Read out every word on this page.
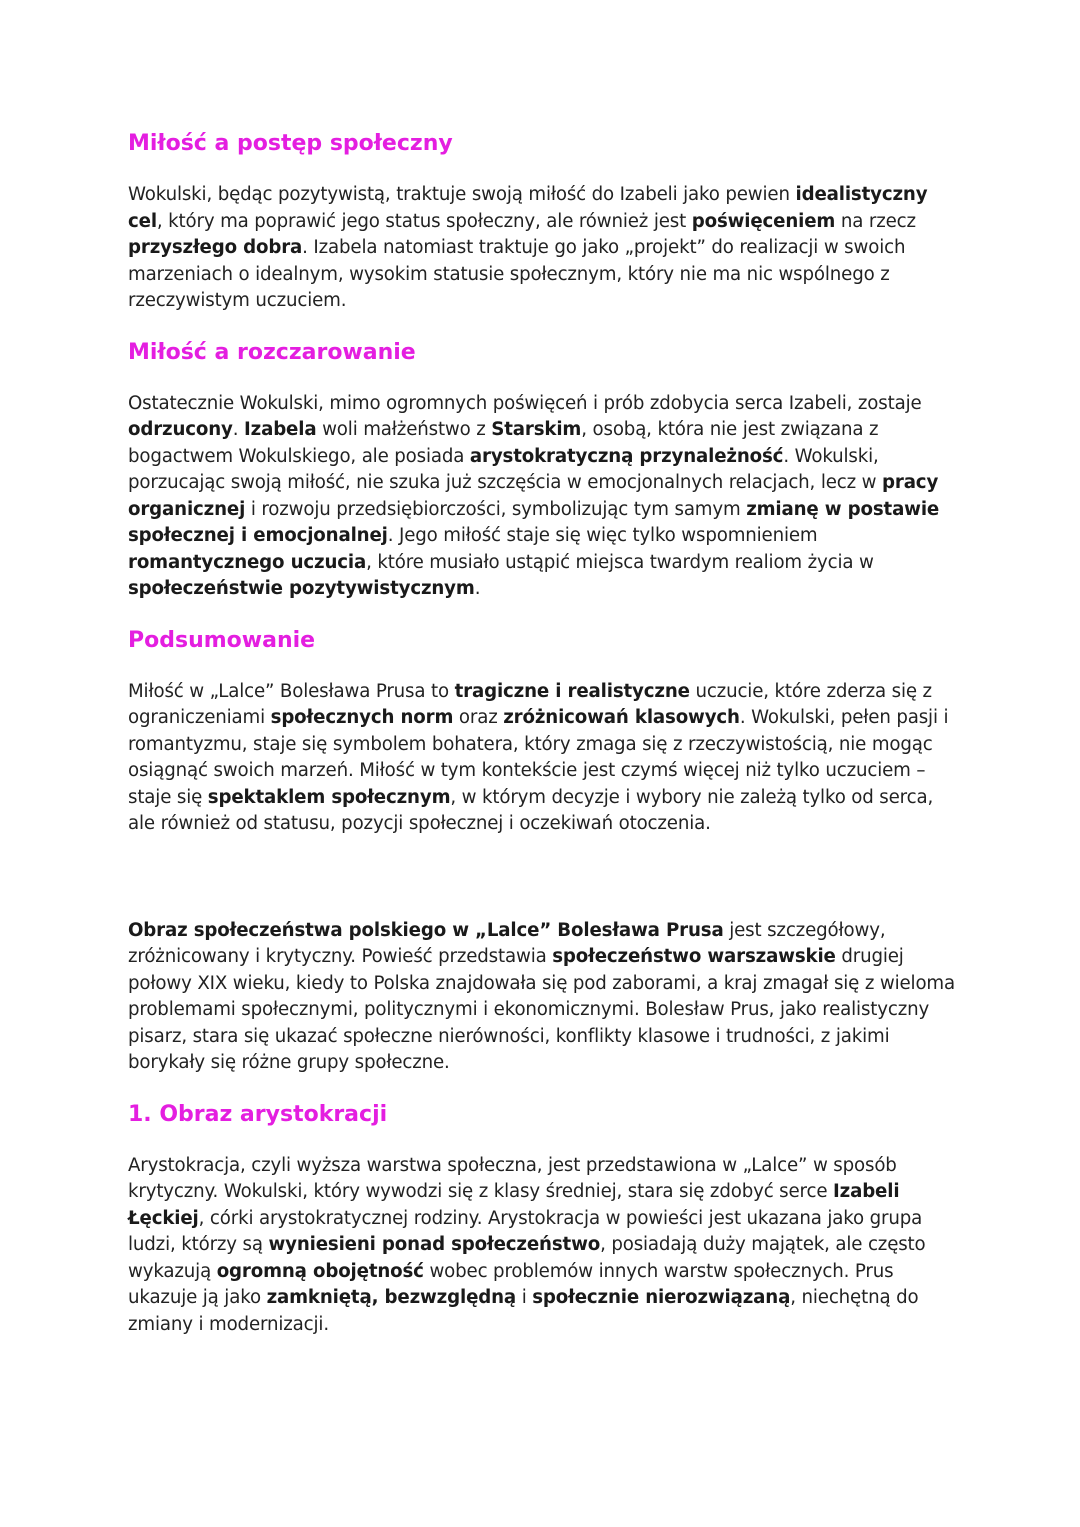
Miłość a postęp społeczny

Wokulski, będąc pozytywistą, traktuje swoją miłość do Izabeli jako pewien idealistyczny cel, który ma poprawić jego status społeczny, ale również jest poświęceniem na rzecz przyszłego dobra. Izabela natomiast traktuje go jako „projekt” do realizacji w swoich marzeniach o idealnym, wysokim statusie społecznym, który nie ma nic wspólnego z rzeczywistym uczuciem.

Miłość a rozczarowanie

Ostatecznie Wokulski, mimo ogromnych poświęceń i prób zdobycia serca Izabeli, zostaje odrzucony. Izabela woli małżeństwo z Starskim, osobą, która nie jest związana z bogactwem Wokulskiego, ale posiada arystokratyczną przynależność. Wokulski, porzucając swoją miłość, nie szuka już szczęścia w emocjonalnych relacjach, lecz w pracy organicznej i rozwoju przedsiębiorczości, symbolizując tym samym zmianę w postawie społecznej i emocjonalnej. Jego miłość staje się więc tylko wspomnieniem romantycznego uczucia, które musiało ustąpić miejsca twardym realiom życia w społeczeństwie pozytywistycznym.

Podsumowanie

Miłość w „Lalce” Bolesława Prusa to tragiczne i realistyczne uczucie, które zderza się z ograniczeniami społecznych norm oraz zróżnicowań klasowych. Wokulski, pełen pasji i romantyzmu, staje się symbolem bohatera, który zmaga się z rzeczywistością, nie mogąc osiągnąć swoich marzeń. Miłość w tym kontekście jest czymś więcej niż tylko uczuciem – staje się spektaklem społecznym, w którym decyzje i wybory nie zależą tylko od serca, ale również od statusu, pozycji społecznej i oczekiwań otoczenia.

Obraz społeczeństwa polskiego w „Lalce” Bolesława Prusa jest szczegółowy, zróżnicowany i krytyczny. Powieść przedstawia społeczeństwo warszawskie drugiej połowy XIX wieku, kiedy to Polska znajdowała się pod zaborami, a kraj zmagał się z wieloma problemami społecznymi, politycznymi i ekonomicznymi. Bolesław Prus, jako realistyczny pisarz, stara się ukazać społeczne nierówności, konflikty klasowe i trudności, z jakimi borykały się różne grupy społeczne.

1. Obraz arystokracji

Arystokracja, czyli wyższa warstwa społeczna, jest przedstawiona w „Lalce” w sposób krytyczny. Wokulski, który wywodzi się z klasy średniej, stara się zdobyć serce Izabeli Łęckiej, córki arystokratycznej rodziny. Arystokracja w powieści jest ukazana jako grupa ludzi, którzy są wyniesieni ponad społeczeństwo, posiadają duży majątek, ale często wykazują ogromną obojętność wobec problemów innych warstw społecznych. Prus ukazuje ją jako zamkniętą, bezwzględną i społecznie nierozwiązaną, niechętną do zmiany i modernizacji.
